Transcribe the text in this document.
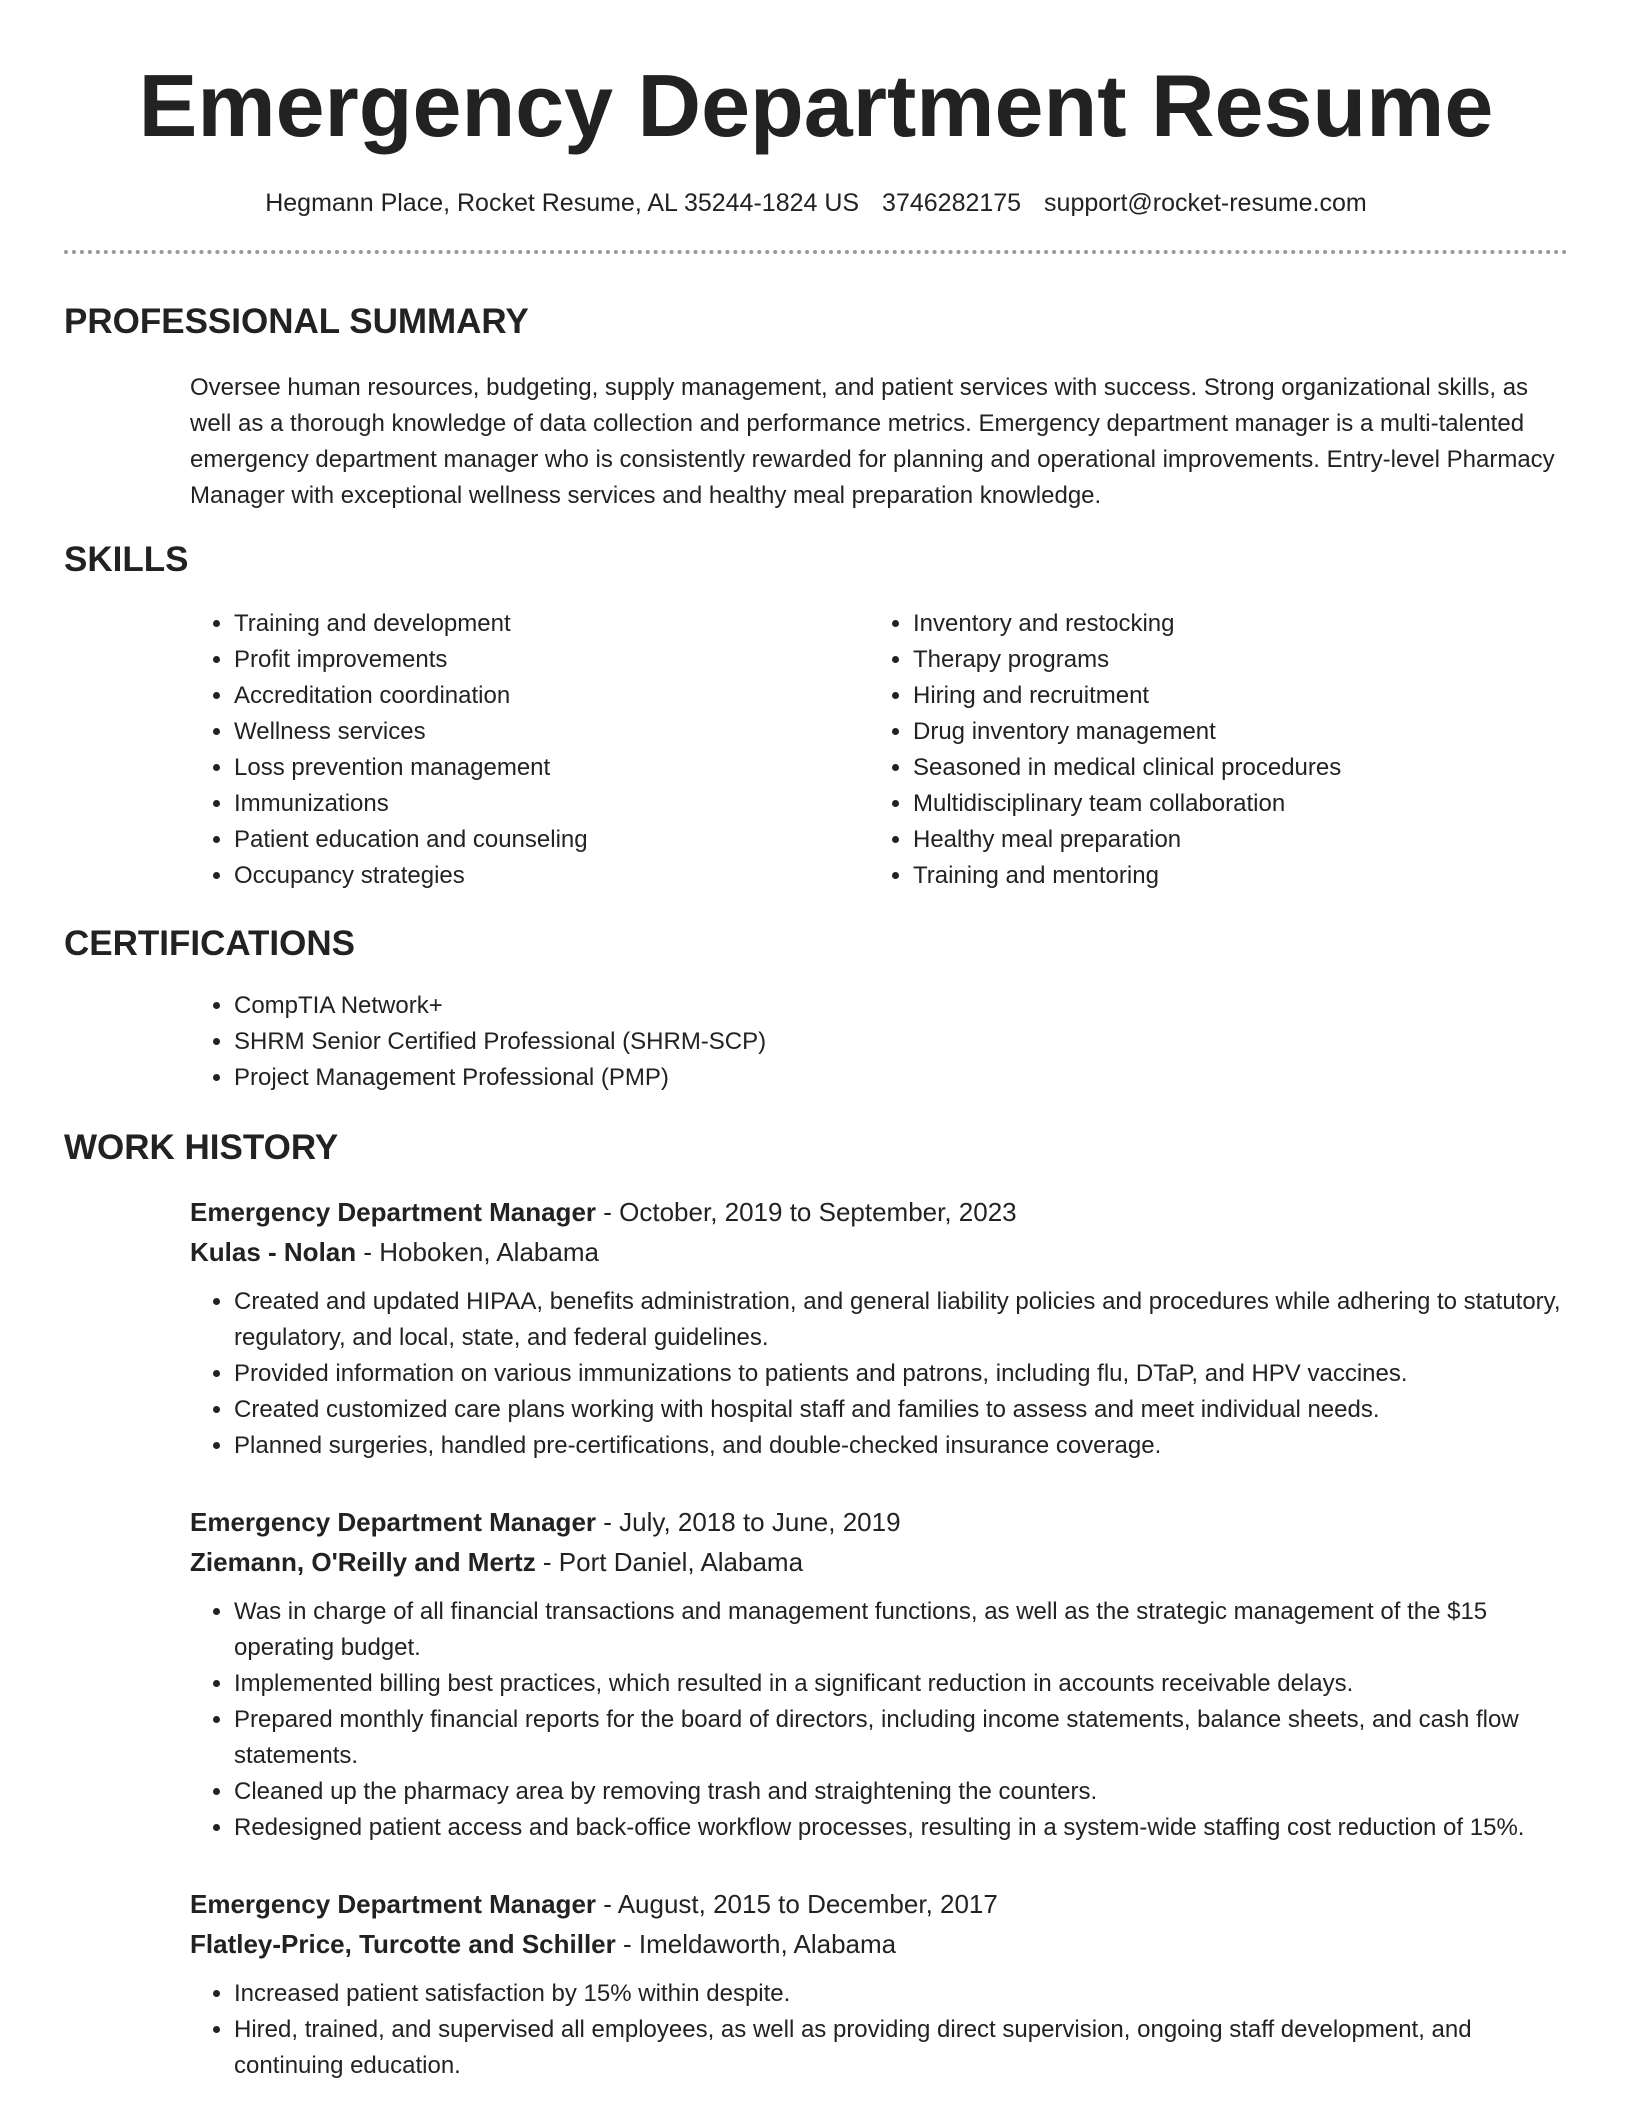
Emergency Department Resume
Hegmann Place, Rocket Resume, AL 35244-1824 US 3746282175 support@rocket-resume.com
PROFESSIONAL SUMMARY
Oversee human resources, budgeting, supply management, and patient services with success. Strong organizational skills, as well as a thorough knowledge of data collection and performance metrics. Emergency department manager is a multi-talented emergency department manager who is consistently rewarded for planning and operational improvements. Entry-level Pharmacy Manager with exceptional wellness services and healthy meal preparation knowledge.
SKILLS
• Training and development
• Profit improvements
• Accreditation coordination
• Wellness services
• Loss prevention management
• Immunizations
• Patient education and counseling
• Occupancy strategies
• Inventory and restocking
• Therapy programs
• Hiring and recruitment
• Drug inventory management
• Seasoned in medical clinical procedures
• Multidisciplinary team collaboration
• Healthy meal preparation
• Training and mentoring
CERTIFICATIONS
• CompTIA Network+
• SHRM Senior Certified Professional (SHRM-SCP)
• Project Management Professional (PMP)
WORK HISTORY
Emergency Department Manager - October, 2019 to September, 2023
Kulas - Nolan - Hoboken, Alabama
• Created and updated HIPAA, benefits administration, and general liability policies and procedures while adhering to statutory, regulatory, and local, state, and federal guidelines.
• Provided information on various immunizations to patients and patrons, including flu, DTaP, and HPV vaccines.
• Created customized care plans working with hospital staff and families to assess and meet individual needs.
• Planned surgeries, handled pre-certifications, and double-checked insurance coverage.
Emergency Department Manager - July, 2018 to June, 2019
Ziemann, O'Reilly and Mertz - Port Daniel, Alabama
• Was in charge of all financial transactions and management functions, as well as the strategic management of the $15 operating budget.
• Implemented billing best practices, which resulted in a significant reduction in accounts receivable delays.
• Prepared monthly financial reports for the board of directors, including income statements, balance sheets, and cash flow statements.
• Cleaned up the pharmacy area by removing trash and straightening the counters.
• Redesigned patient access and back-office workflow processes, resulting in a system-wide staffing cost reduction of 15%.
Emergency Department Manager - August, 2015 to December, 2017
Flatley-Price, Turcotte and Schiller - Imeldaworth, Alabama
• Increased patient satisfaction by 15% within despite.
• Hired, trained, and supervised all employees, as well as providing direct supervision, ongoing staff development, and continuing education.
